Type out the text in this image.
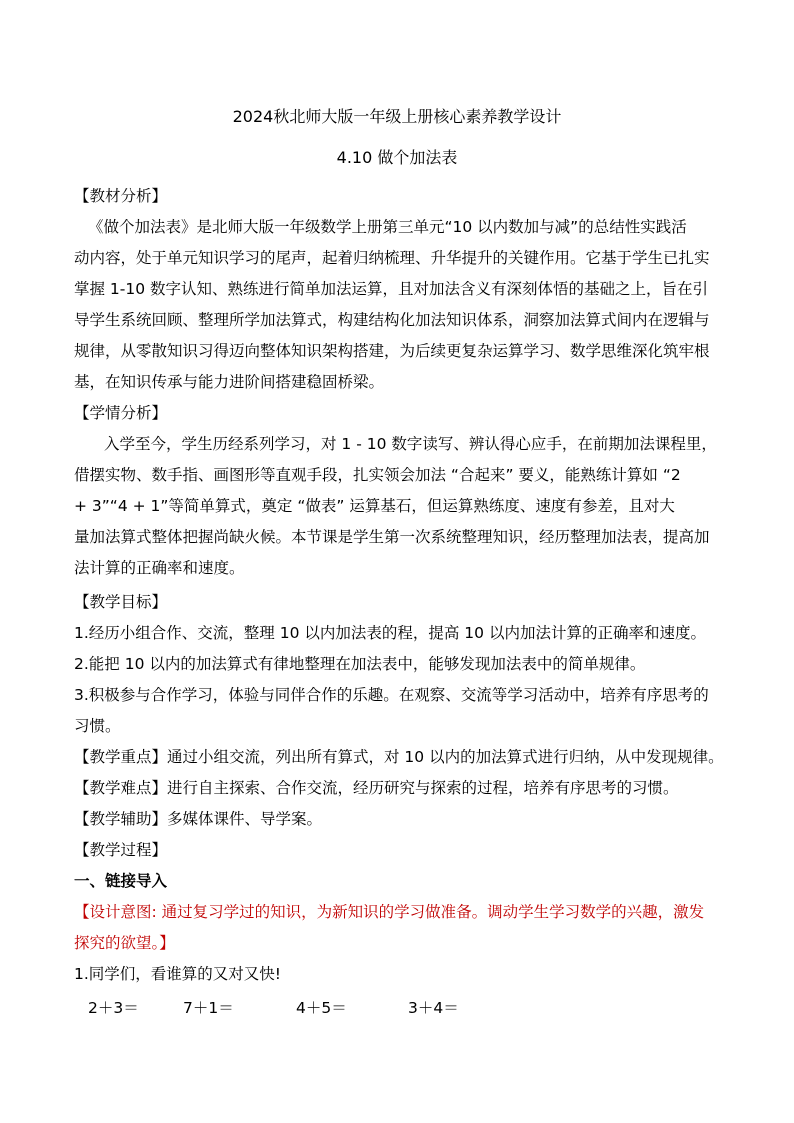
2024秋北师大版一年级上册核心素养教学设计
4.10 做个加法表
【教材分析】
《做个加法表》是北师大版一年级数学上册第三单元“10 以内数加与减”的总结性实践活
动内容，处于单元知识学习的尾声，起着归纳梳理、升华提升的关键作用。它基于学生已扎实
掌握 1-10 数字认知、熟练进行简单加法运算，且对加法含义有深刻体悟的基础之上，旨在引
导学生系统回顾、整理所学加法算式，构建结构化加法知识体系，洞察加法算式间内在逻辑与
规律，从零散知识习得迈向整体知识架构搭建，为后续更复杂运算学习、数学思维深化筑牢根
基，在知识传承与能力进阶间搭建稳固桥梁。
【学情分析】
入学至今，学生历经系列学习，对 1 - 10 数字读写、辨认得心应手，在前期加法课程里，
借摆实物、数手指、画图形等直观手段，扎实领会加法 “合起来” 要义，能熟练计算如 “2
+ 3”“4 + 1”等简单算式，奠定 “做表” 运算基石，但运算熟练度、速度有参差，且对大
量加法算式整体把握尚缺火候。本节课是学生第一次系统整理知识，经历整理加法表，提高加
法计算的正确率和速度。
【教学目标】
1.经历小组合作、交流，整理 10 以内加法表的程，提高 10 以内加法计算的正确率和速度。
2.能把 10 以内的加法算式有律地整理在加法表中，能够发现加法表中的简单规律。
3.积极参与合作学习，体验与同伴合作的乐趣。在观察、交流等学习活动中，培养有序思考的
习惯。
【教学重点】通过小组交流，列出所有算式，对 10 以内的加法算式进行归纳，从中发现规律。
【教学难点】进行自主探索、合作交流，经历研究与探索的过程，培养有序思考的习惯。
【教学辅助】多媒体课件、导学案。
【教学过程】
一、链接导入
【设计意图: 通过复习学过的知识，为新知识的学习做准备。调动学生学习数学的兴趣，激发
探究的欲望。】
1.同学们，看谁算的又对又快!
2＋3＝	7＋1＝	4＋5＝	3＋4＝
